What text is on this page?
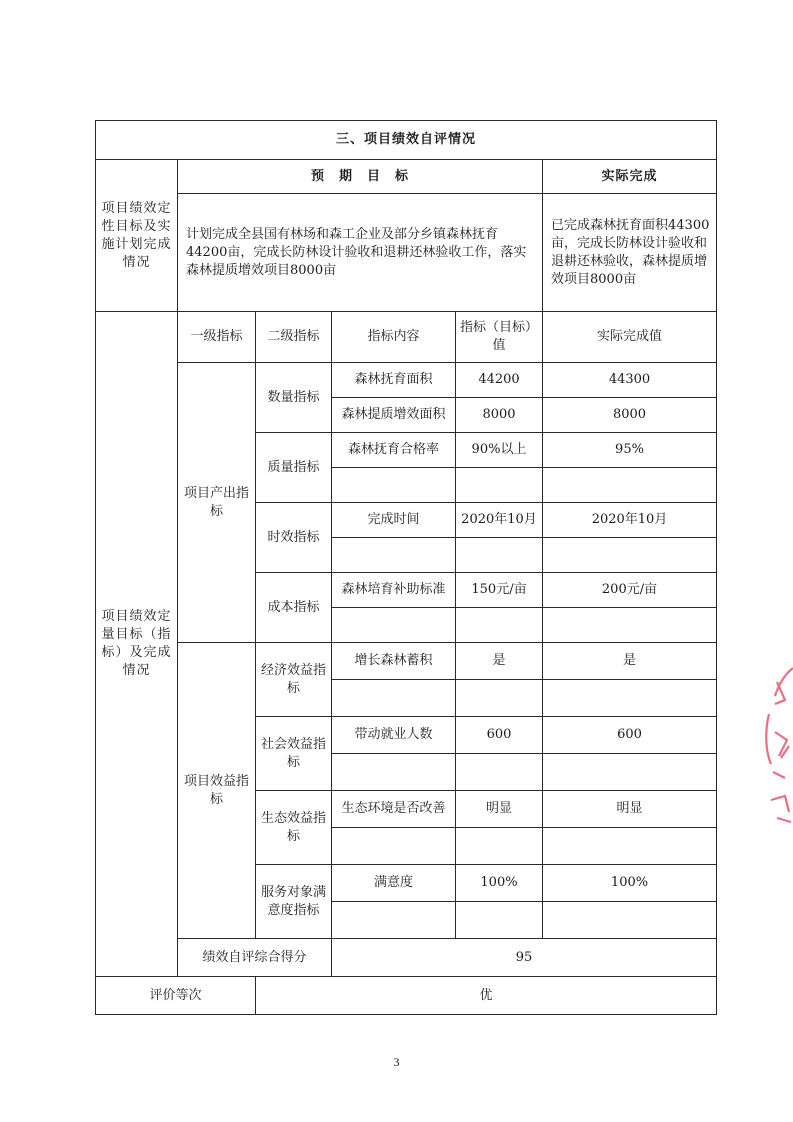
三、项目绩效自评情况					
项目绩效定性目标及实施计划完成情况	预　期　目　标				实际完成
	计划完成全县国有林场和森工企业及部分乡镇森林抚育44200亩，完成长防林设计验收和退耕还林验收工作，落实森林提质增效项目8000亩				已完成森林抚育面积44300亩，完成长防林设计验收和退耕还林验收，森林提质增效项目8000亩
项目绩效定量目标（指标）及完成情况	一级指标	二级指标	指标内容	指标（目标）值	实际完成值
	项目产出指标	数量指标	森林抚育面积	44200	44300
			森林提质增效面积	8000	8000
		质量指标	森林抚育合格率	90%以上	95%

		时效指标	完成时间	2020年10月	2020年10月

		成本指标	森林培育补助标准	150元/亩	200元/亩

	项目效益指标	经济效益指标	增长森林蓄积	是	是

		社会效益指标	带动就业人数	600	600

		生态效益指标	生态环境是否改善	明显	明显

		服务对象满意度指标	满意度	100%	100%

	绩效自评综合得分		95		
评价等次		优			
3
